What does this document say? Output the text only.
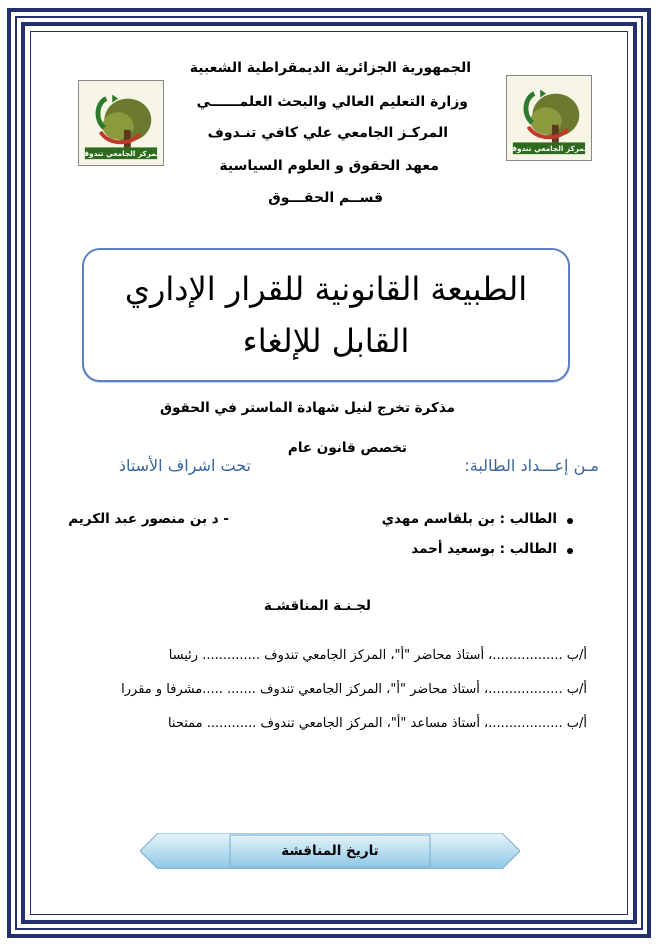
المركز الجامعي تندوف
المركز الجامعي تندوف
الجمهورية الجزائرية الديمقراطية الشعبية
وزارة التعليم العالي والبحث العلمــــــي
المركـز الجامعي علي كافي تنـدوف
معهد الحقوق و العلوم السياسية
قســم الحقـــوق
الطبيعة القانونية للقرار الإداري
القابل للإلغاء
مذكرة تخرج لنيل شهادة الماستر في الحقوق
تخصص قانون عام
مـن إعـــداد الطالبة:
تحت اشراف الأستاذ
الطالب : بن بلقاسم مهدي
الطالب : بوسعيد أحمد
- د بن منصور عبد الكريم
لجـنـة المناقشـة
أ/ب .................، أستاذ محاضر "أ"، المركز الجامعي تندوف .............. رئيسا
أ/ب ..................، أستاذ محاضر "أ"، المركز الجامعي تندوف ....... .....مشرفا و مقررا
أ/ب ..................، أستاذ مساعد "أ"، المركز الجامعي تندوف ............ ممتحنا
تاريخ المناقشة
